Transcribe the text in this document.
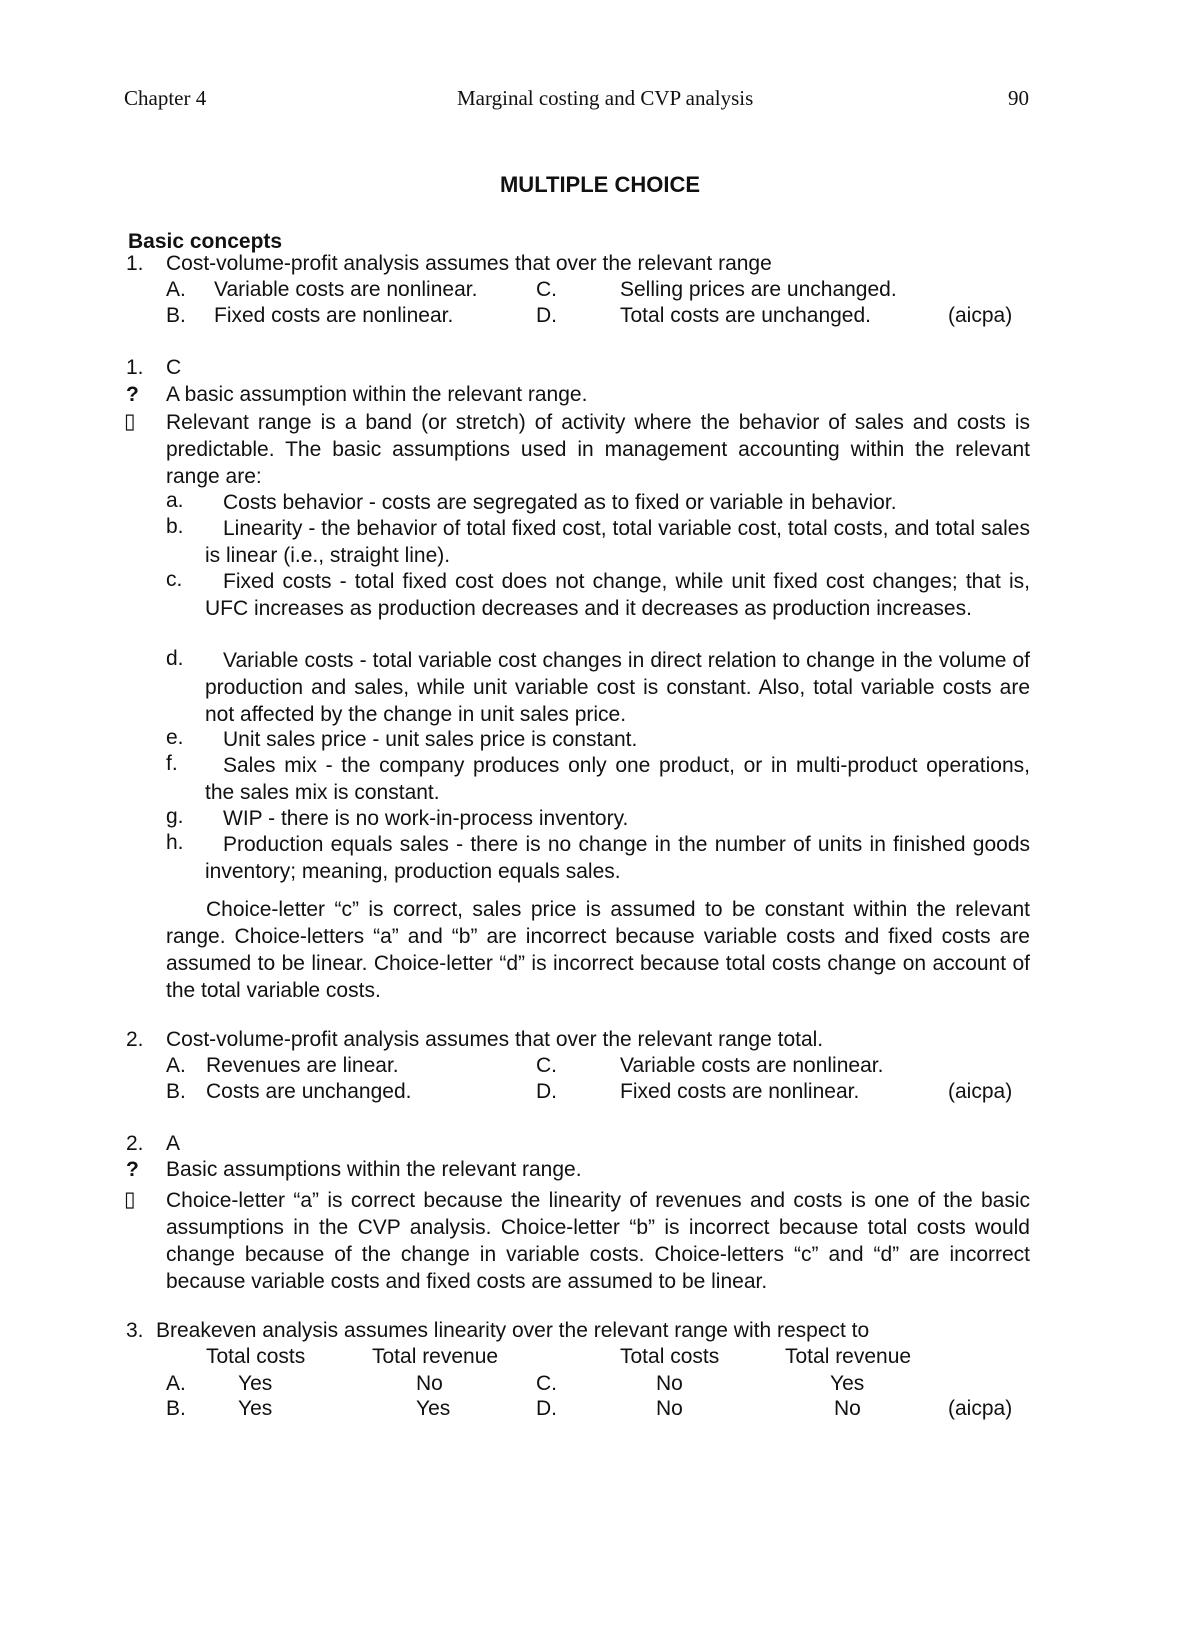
Chapter 4	Marginal costing and CVP analysis	90
MULTIPLE CHOICE
Basic concepts
1. Cost-volume-profit analysis assumes that over the relevant range
A. Variable costs are nonlinear.	C.	Selling prices are unchanged.
B. Fixed costs are nonlinear.	D.	Total costs are unchanged.	(aicpa)
1. C
? A basic assumption within the relevant range.
▯ Relevant range is a band (or stretch) of activity where the behavior of sales and costs is predictable. The basic assumptions used in management accounting within the relevant range are:

a.	Costs behavior - costs are segregated as to fixed or variable in behavior.

b.	Linearity - the behavior of total fixed cost, total variable cost, total costs, and total sales is linear (i.e., straight line).

c.	Fixed costs - total fixed cost does not change, while unit fixed cost changes; that is, UFC increases as production decreases and it decreases as production increases.

d.	Variable costs - total variable cost changes in direct relation to change in the volume of production and sales, while unit variable cost is constant. Also, total variable costs are not affected by the change in unit sales price.

e.	Unit sales price - unit sales price is constant.

f.	Sales mix - the company produces only one product, or in multi-product operations, the sales mix is constant.

g.	WIP - there is no work-in-process inventory.

h.	Production equals sales - there is no change in the number of units in finished goods inventory; meaning, production equals sales.

Choice-letter “c” is correct, sales price is assumed to be constant within the relevant range. Choice-letters “a” and “b” are incorrect because variable costs and fixed costs are assumed to be linear. Choice-letter “d” is incorrect because total costs change on account of the total variable costs.

2. Cost-volume-profit analysis assumes that over the relevant range total.
A. Revenues are linear.	C.	Variable costs are nonlinear.
B. Costs are unchanged.	D.	Fixed costs are nonlinear.	(aicpa)
2. A
? Basic assumptions within the relevant range.
▯ Choice-letter “a” is correct because the linearity of revenues and costs is one of the basic assumptions in the CVP analysis. Choice-letter “b” is incorrect because total costs would change because of the change in variable costs. Choice-letters “c” and “d” are incorrect because variable costs and fixed costs are assumed to be linear.

3. Breakeven analysis assumes linearity over the relevant range with respect to
Total costs	Total revenue	Total costs	Total revenue
A. Yes	No	C.	No	Yes
B. Yes	Yes	D.	No	No	(aicpa)
